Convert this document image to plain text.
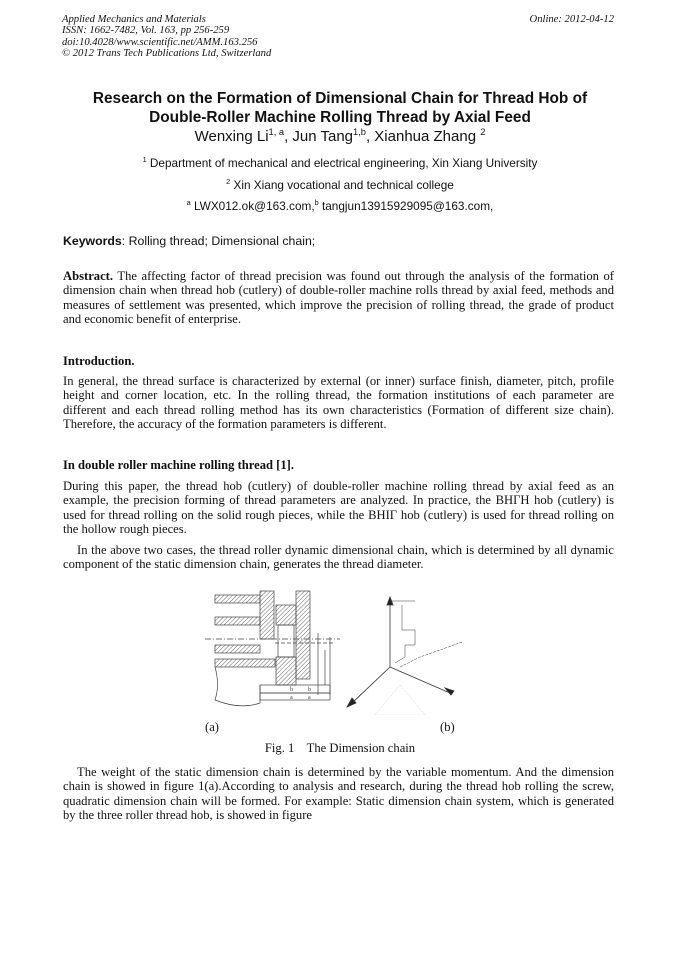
Applied Mechanics and Materials
ISSN: 1662-7482, Vol. 163, pp 256-259
doi:10.4028/www.scientific.net/AMM.163.256
© 2012 Trans Tech Publications Ltd, Switzerland
Online: 2012-04-12
Research on the Formation of Dimensional Chain for Thread Hob of
Double-Roller Machine Rolling Thread by Axial Feed
Wenxing Li$^{1, a}$, Jun Tang$^{1,b}$, Xianhua Zhang $^2$
$^1$ Department of mechanical and electrical engineering, Xin Xiang University
$^2$ Xin Xiang vocational and technical college
$^a$ LWX012.ok@163.com,$^b$ tangjun13915929095@163.com,
Keywords: Rolling thread; Dimensional chain;
Abstract. The affecting factor of thread precision was found out through the analysis of the formation of dimension chain when thread hob (cutlery) of double-roller machine rolls thread by axial feed, methods and measures of settlement was presented, which improve the precision of rolling thread, the grade of product and economic benefit of enterprise.
Introduction.
In general, the thread surface is characterized by external (or inner) surface finish, diameter, pitch, profile height and corner location, etc. In the rolling thread, the formation institutions of each parameter are different and each thread rolling method has its own characteristics (Formation of different size chain). Therefore, the accuracy of the formation parameters is different.
In double roller machine rolling thread [1].
During this paper, the thread hob (cutlery) of double-roller machine rolling thread by axial feed as an example, the precision forming of thread parameters are analyzed. In practice, the BHΓH hob (cutlery) is used for thread rolling on the solid rough pieces, while the BHIΓ hob (cutlery) is used for thread rolling on the hollow rough pieces.
In the above two cases, the thread roller dynamic dimensional chain, which is determined by all dynamic component of the static dimension chain, generates the thread diameter.
b	b
a	a
(a)	(b)
Fig. 1    The Dimension chain
The weight of the static dimension chain is determined by the variable momentum. And the dimension chain is showed in figure 1(a).According to analysis and research, during the thread hob rolling the screw, quadratic dimension chain will be formed. For example: Static dimension chain system, which is generated by the three roller thread hob, is showed in figure
